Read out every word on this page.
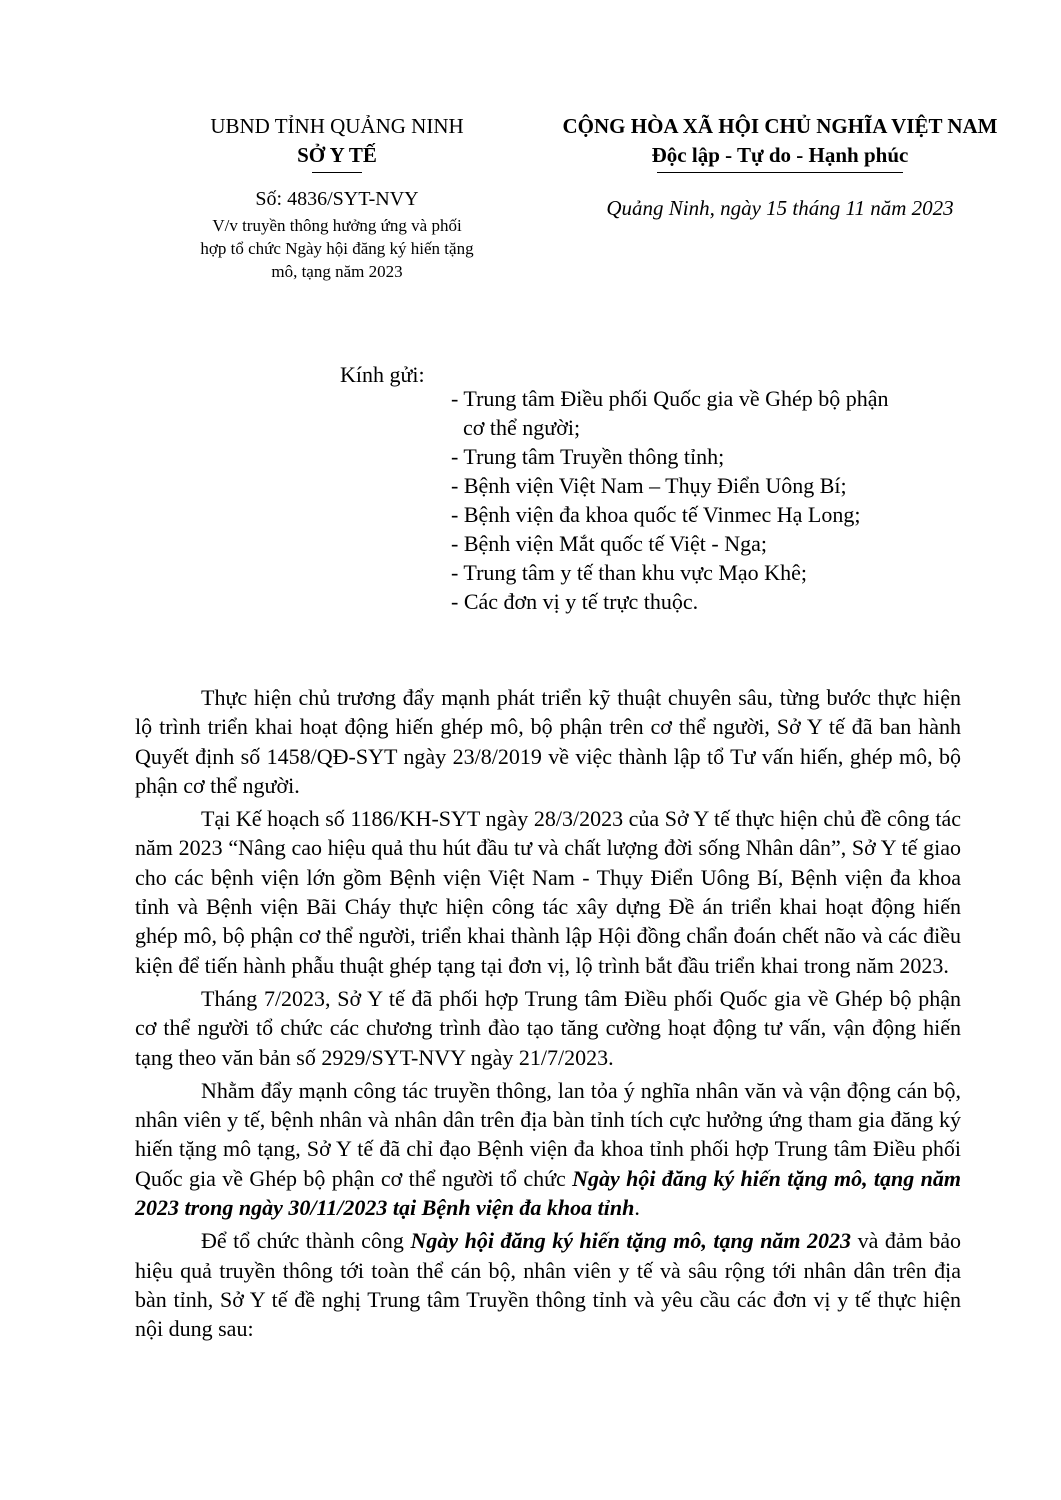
UBND TỈNH QUẢNG NINH
SỞ Y TẾ
Số: 4836/SYT-NVY
V/v truyền thông hưởng ứng và phối
hợp tổ chức Ngày hội đăng ký hiến tặng
mô, tạng năm 2023
CỘNG HÒA XÃ HỘI CHỦ NGHĨA VIỆT NAM
Độc lập - Tự do - Hạnh phúc
Quảng Ninh, ngày 15 tháng 11 năm 2023
Kính gửi:
- Trung tâm Điều phối Quốc gia về Ghép bộ phận
cơ thể người;
- Trung tâm Truyền thông tỉnh;
- Bệnh viện Việt Nam – Thụy Điển Uông Bí;
- Bệnh viện đa khoa quốc tế Vinmec Hạ Long;
- Bệnh viện Mắt quốc tế Việt - Nga;
- Trung tâm y tế than khu vực Mạo Khê;
- Các đơn vị y tế trực thuộc.

Thực hiện chủ trương đẩy mạnh phát triển kỹ thuật chuyên sâu, từng bước thực hiện lộ trình triển khai hoạt động hiến ghép mô, bộ phận trên cơ thể người, Sở Y tế đã ban hành Quyết định số 1458/QĐ-SYT ngày 23/8/2019 về việc thành lập tổ Tư vấn hiến, ghép mô, bộ phận cơ thể người.

Tại Kế hoạch số 1186/KH-SYT ngày 28/3/2023 của Sở Y tế thực hiện chủ đề công tác năm 2023 “Nâng cao hiệu quả thu hút đầu tư và chất lượng đời sống Nhân dân”, Sở Y tế giao cho các bệnh viện lớn gồm Bệnh viện Việt Nam - Thụy Điển Uông Bí, Bệnh viện đa khoa tỉnh và Bệnh viện Bãi Cháy thực hiện công tác xây dựng Đề án triển khai hoạt động hiến ghép mô, bộ phận cơ thể người, triển khai thành lập Hội đồng chẩn đoán chết não và các điều kiện để tiến hành phẫu thuật ghép tạng tại đơn vị, lộ trình bắt đầu triển khai trong năm 2023.

Tháng 7/2023, Sở Y tế đã phối hợp Trung tâm Điều phối Quốc gia về Ghép bộ phận cơ thể người tổ chức các chương trình đào tạo tăng cường hoạt động tư vấn, vận động hiến tạng theo văn bản số 2929/SYT-NVY ngày 21/7/2023.

Nhằm đẩy mạnh công tác truyền thông, lan tỏa ý nghĩa nhân văn và vận động cán bộ, nhân viên y tế, bệnh nhân và nhân dân trên địa bàn tỉnh tích cực hưởng ứng tham gia đăng ký hiến tặng mô tạng, Sở Y tế đã chỉ đạo Bệnh viện đa khoa tỉnh phối hợp Trung tâm Điều phối Quốc gia về Ghép bộ phận cơ thể người tổ chức Ngày hội đăng ký hiến tặng mô, tạng năm 2023 trong ngày 30/11/2023 tại Bệnh viện đa khoa tỉnh.

Để tổ chức thành công Ngày hội đăng ký hiến tặng mô, tạng năm 2023 và đảm bảo hiệu quả truyền thông tới toàn thể cán bộ, nhân viên y tế và sâu rộng tới nhân dân trên địa bàn tỉnh, Sở Y tế đề nghị Trung tâm Truyền thông tỉnh và yêu cầu các đơn vị y tế thực hiện nội dung sau:
